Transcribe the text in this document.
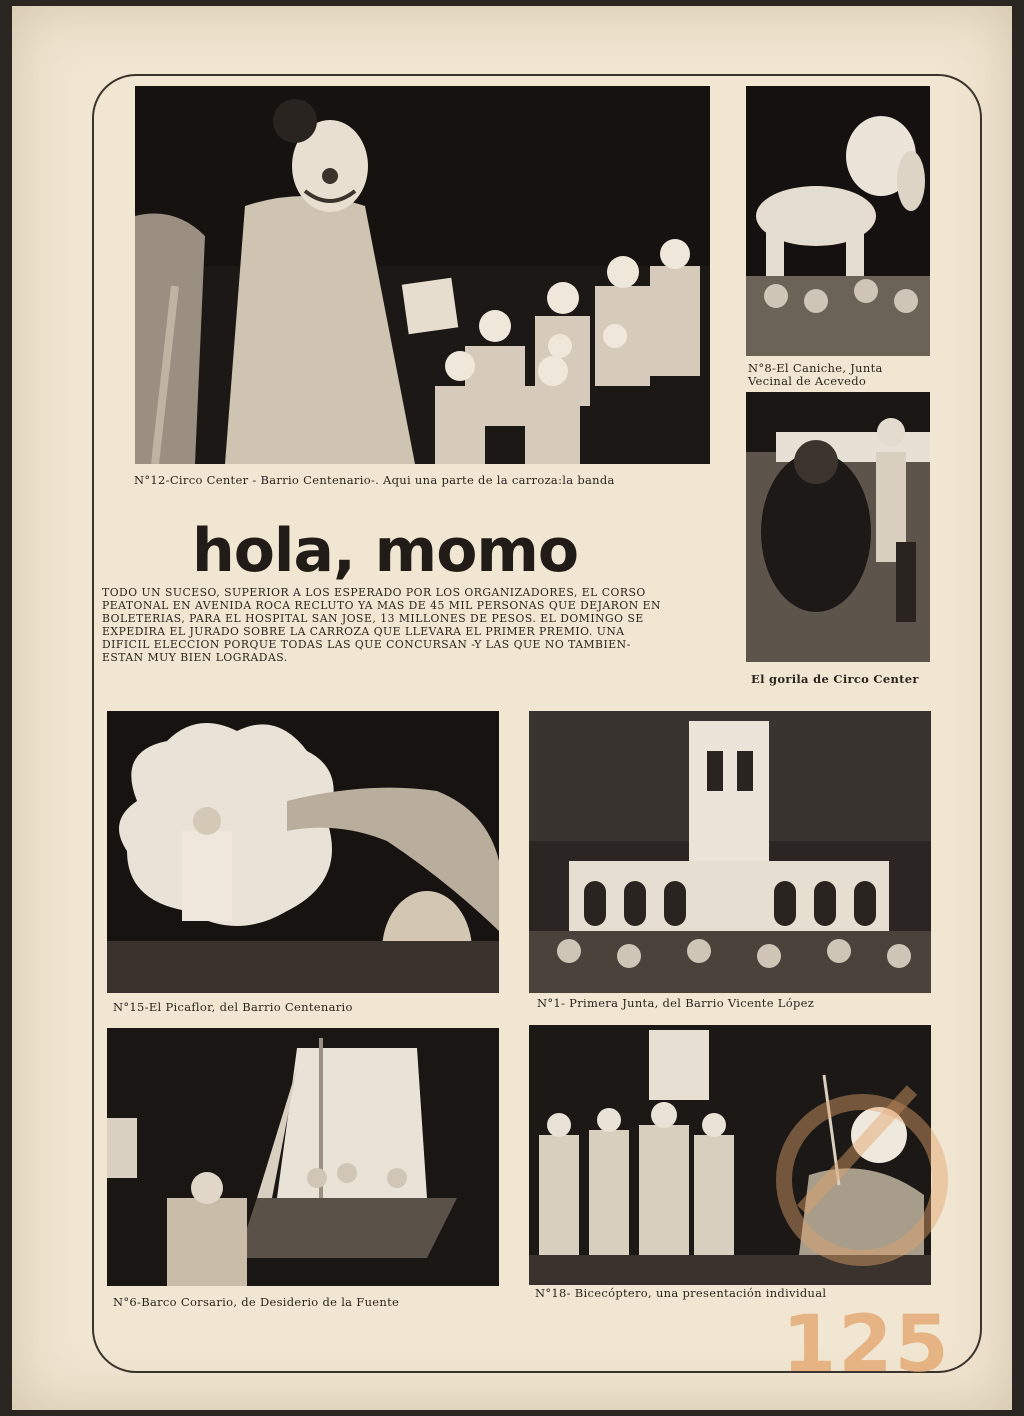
N°12-Circo Center - Barrio Centenario-. Aqui una parte de la carroza:la banda
N°8-El Caniche, Junta Vecinal de Acevedo
El gorila de Circo Center
hola, momo
TODO UN SUCESO, SUPERIOR A LOS ESPERADO POR LOS ORGANIZADORES, EL CORSO PEATONAL EN AVENIDA ROCA RECLUTO YA MAS DE 45 MIL PERSONAS QUE DEJARON EN BOLETERIAS, PARA EL HOSPITAL SAN JOSE, 13 MILLONES DE PESOS. EL DOMINGO SE EXPEDIRA EL JURADO SOBRE LA CARROZA QUE LLEVARA EL PRIMER PREMIO. UNA DIFICIL ELECCION PORQUE TODAS LAS QUE CONCURSAN -Y LAS QUE NO TAMBIEN- ESTAN MUY BIEN LOGRADAS.
N°15-El Picaflor, del Barrio Centenario	N°1- Primera Junta, del Barrio Vicente López
N°6-Barco Corsario, de Desiderio de la Fuente
N°18- Bicecóptero, una presentación individual
125
